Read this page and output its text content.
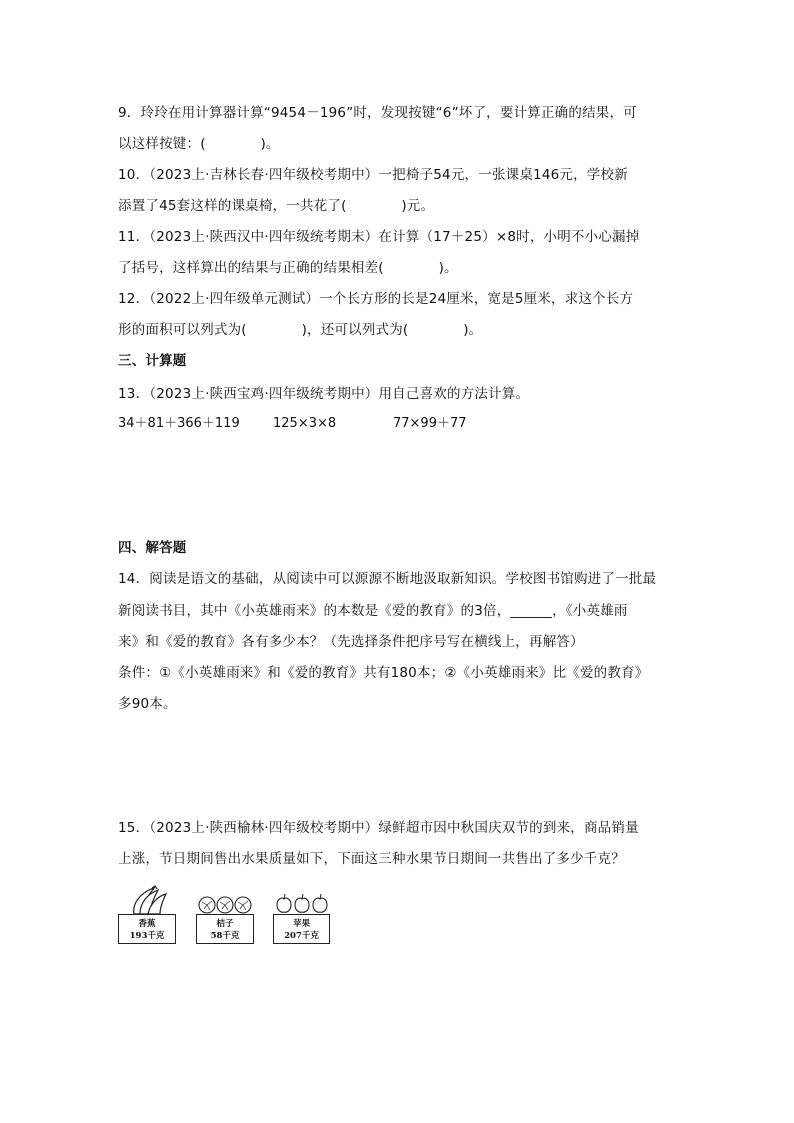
9．玲玲在用计算器计算“9454－196”时，发现按键“6”坏了，要计算正确的结果，可
以这样按键：(　　　　)。
10．（2023上·吉林长春·四年级校考期中）一把椅子54元，一张课桌146元，学校新
添置了45套这样的课桌椅，一共花了(　　　　)元。
11．（2023上·陕西汉中·四年级统考期末）在计算（17＋25）×8时，小明不小心漏掉
了括号，这样算出的结果与正确的结果相差(　　　　)。
12．（2022上·四年级单元测试）一个长方形的长是24厘米，宽是5厘米，求这个长方
形的面积可以列式为(　　　　)，还可以列式为(　　　　)。
三、计算题
13．（2023上·陕西宝鸡·四年级统考期中）用自己喜欢的方法计算。
34＋81＋366＋119	125×3×8	77×99＋77
四、解答题
14．阅读是语文的基础，从阅读中可以源源不断地汲取新知识。学校图书馆购进了一批最
新阅读书目，其中《小英雄雨来》的本数是《爱的教育》的3倍，______，《小英雄雨
来》和《爱的教育》各有多少本？（先选择条件把序号写在横线上，再解答）
条件：①《小英雄雨来》和《爱的教育》共有180本；②《小英雄雨来》比《爱的教育》
多90本。
15．（2023上·陕西榆林·四年级校考期中）绿鲜超市因中秋国庆双节的到来，商品销量
上涨，节日期间售出水果质量如下，下面这三种水果节日期间一共售出了多少千克？
香蕉
193千克
桔子
58千克
苹果
207千克
